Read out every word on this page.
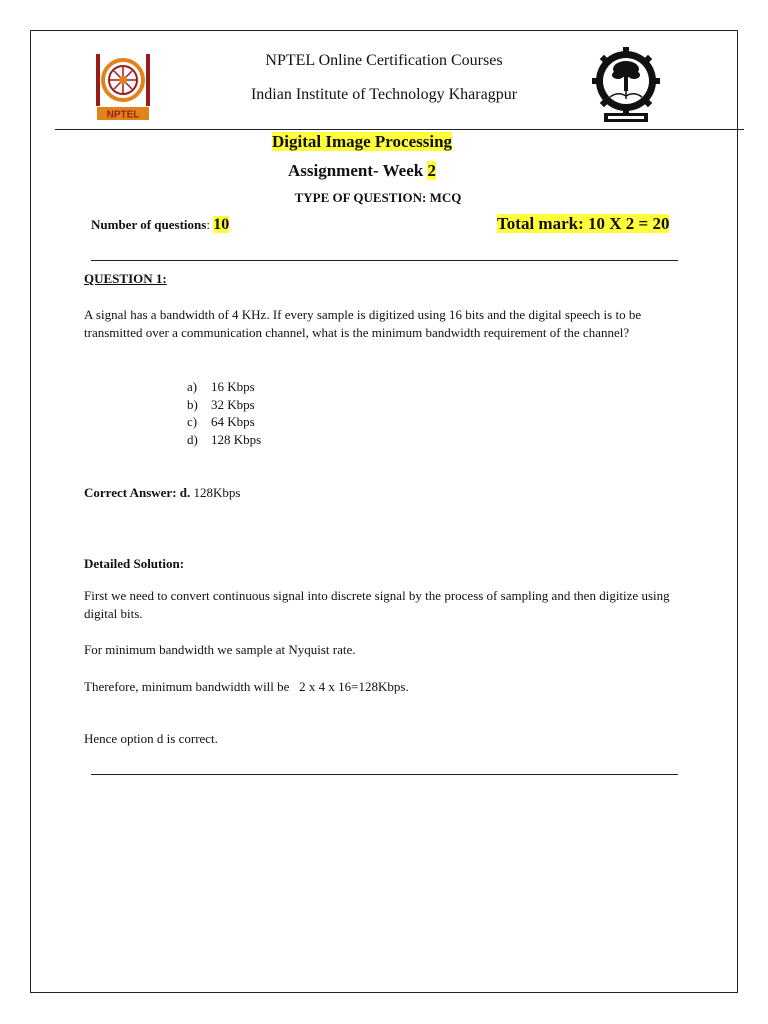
NPTEL
NPTEL Online Certification Courses
Indian Institute of Technology Kharagpur
Digital Image Processing
Assignment- Week 2
TYPE OF QUESTION: MCQ
Number of questions: 10	Total mark: 10 X 2 = 20
QUESTION 1:
A signal has a bandwidth of 4 KHz. If every sample is digitized using 16 bits and the digital speech is to be transmitted over a communication channel, what is the minimum bandwidth requirement of the channel?
a) 16 Kbps
b) 32 Kbps
c) 64 Kbps
d) 128 Kbps
Correct Answer: d. 128Kbps
Detailed Solution:
First we need to convert continuous signal into discrete signal by the process of sampling and then digitize using digital bits.
For minimum bandwidth we sample at Nyquist rate.
Therefore, minimum bandwidth will be   2 x 4 x 16=128Kbps.
Hence option d is correct.
